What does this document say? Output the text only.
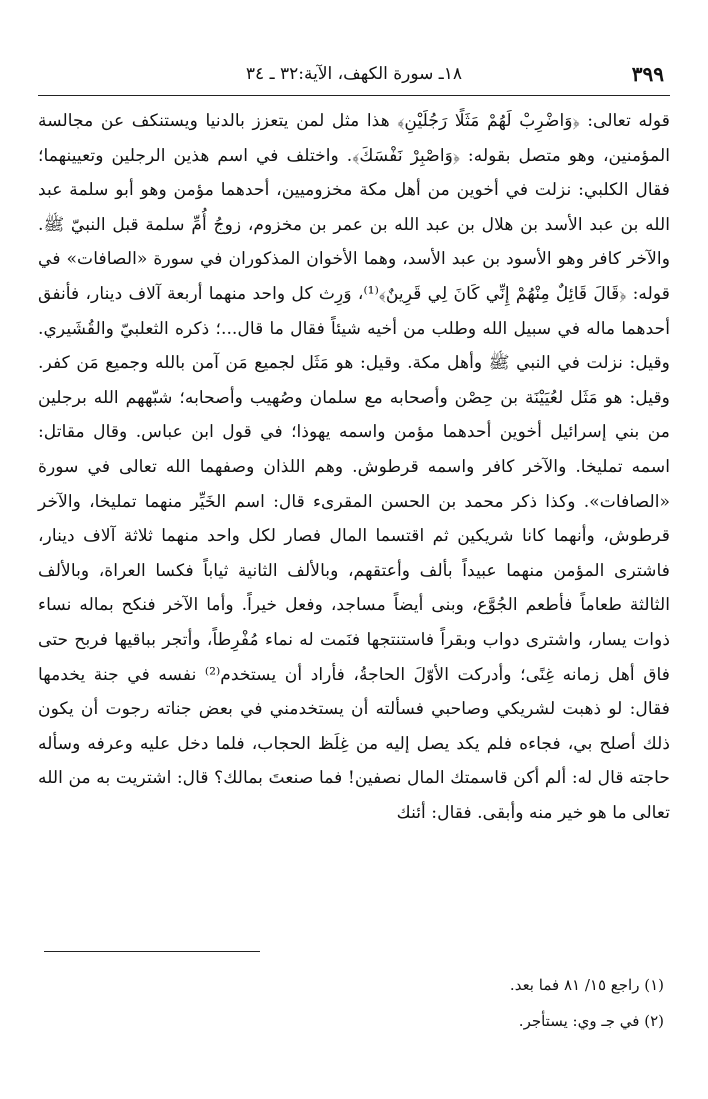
٣٩٩
١٨ـ سورة الكهف، الآية:٣٢ ـ ٣٤

قوله تعالى: ﴿وَاضْرِبْ لَهُمْ مَثَلًا رَجُلَيْنِ﴾ هذا مثل لمن يتعزز بالدنيا ويستنكف عن مجالسة المؤمنين، وهو متصل بقوله: ﴿وَاصْبِرْ نَفْسَكَ﴾. واختلف في اسم هذين الرجلين وتعيينهما؛ فقال الكلبي: نزلت في أخوين من أهل مكة مخزوميين، أحدهما مؤمن وهو أبو سلمة عبد الله بن عبد الأسد بن هلال بن عبد الله بن عمر بن مخزوم، زوجُ أُمِّ سلمة قبل النبيّ ﷺ. والآخر كافر وهو الأسود بن عبد الأسد، وهما الأخوان المذكوران في سورة «الصافات» في قوله: ﴿قَالَ قَائِلٌ مِنْهُمْ إِنِّي كَانَ لِي قَرِينٌ﴾⁽¹⁾، وَرِث كل واحد منهما أربعة آلاف دينار، فأنفق أحدهما ماله في سبيل الله وطلب من أخيه شيئاً فقال ما قال...؛ ذكره الثعلبيّ والقُشَيري. وقيل: نزلت في النبي ﷺ وأهل مكة. وقيل: هو مَثَل لجميع مَن آمن بالله وجميع مَن كفر. وقيل: هو مَثَل لعُيَيْنَة بن حِصْن وأصحابه مع سلمان وصُهيب وأصحابه؛ شبّههم الله برجلين من بني إسرائيل أخوين أحدهما مؤمن واسمه يهوذا؛ في قول ابن عباس. وقال مقاتل: اسمه تمليخا. والآخر كافر واسمه قرطوش. وهم اللذان وصفهما الله تعالى في سورة «الصافات». وكذا ذكر محمد بن الحسن المقرىء قال: اسم الخَيِّر منهما تمليخا، والآخر قرطوش، وأنهما كانا شريكين ثم اقتسما المال فصار لكل واحد منهما ثلاثة آلاف دينار، فاشترى المؤمن منهما عبيداً بألف وأعتقهم، وبالألف الثانية ثياباً فكسا العراة، وبالألف الثالثة طعاماً فأطعم الجُوَّع، وبنى أيضاً مساجد، وفعل خيراً. وأما الآخر فنكح بماله نساء ذوات يسار، واشترى دواب وبقراً فاستنتجها فنَمت له نماء مُفْرِطاً، وأتجر بباقيها فربح حتى فاق أهل زمانه غِنًى؛ وأدركت الأوّلَ الحاجةُ، فأراد أن يستخدم⁽²⁾ نفسه في جنة يخدمها فقال: لو ذهبت لشريكي وصاحبي فسألته أن يستخدمني في بعض جناته رجوت أن يكون ذلك أصلح بي، فجاءه فلم يكد يصل إليه من غِلَظ الحجاب، فلما دخل عليه وعرفه وسأله حاجته قال له: ألم أكن قاسمتك المال نصفين! فما صنعتَ بمالك؟ قال: اشتريت به من الله تعالى ما هو خير منه وأبقى. فقال: أئنك

(١) راجع ١٥/ ٨١ فما بعد.

(٢) في جـ وي: يستأجر.
